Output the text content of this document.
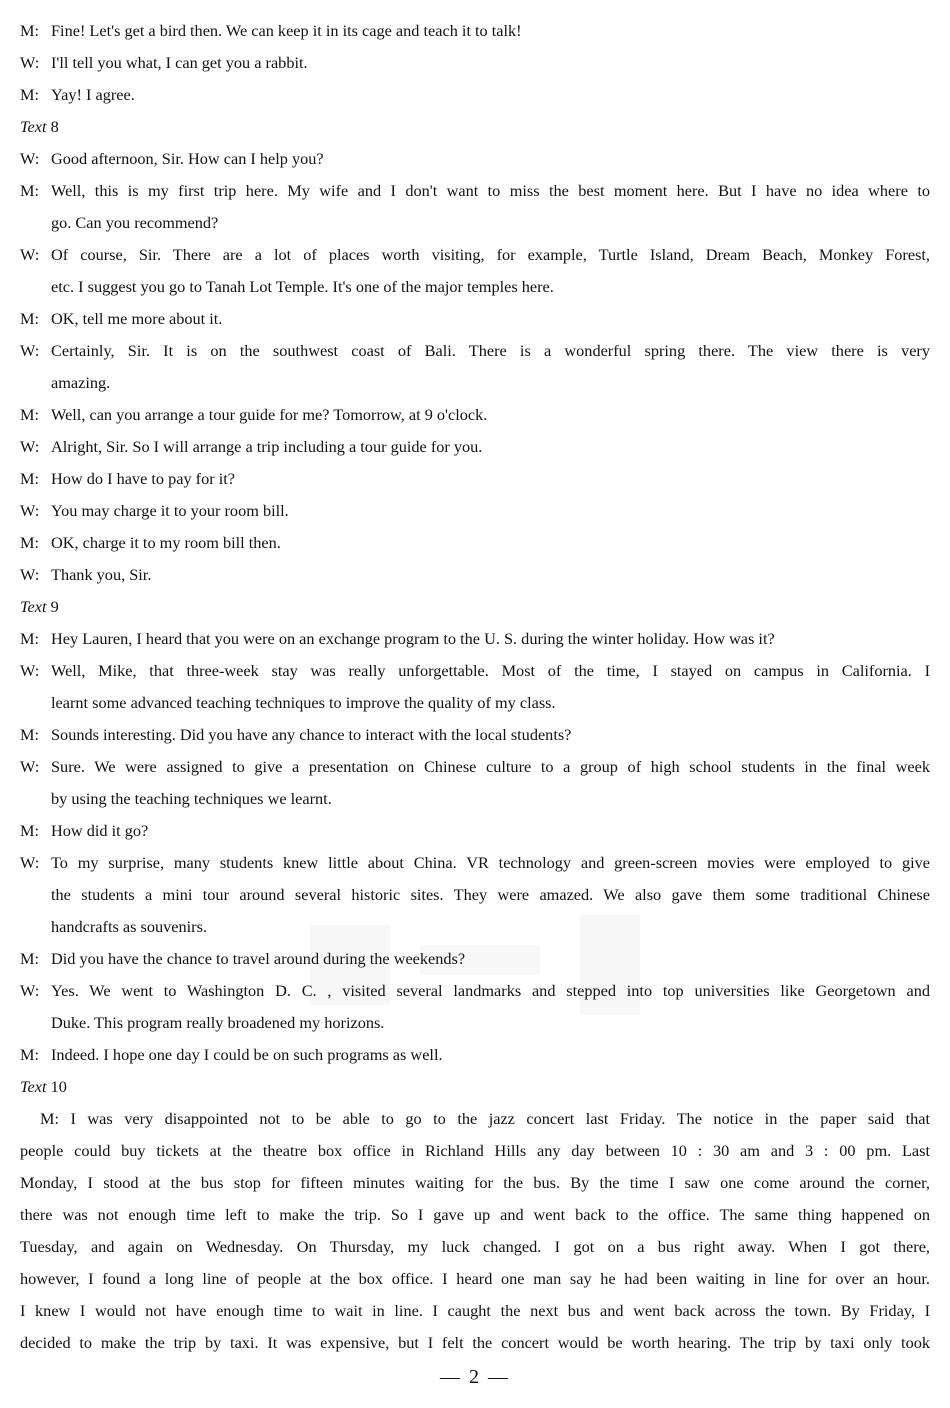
M: Fine! Let's get a bird then. We can keep it in its cage and teach it to talk!
W: I'll tell you what, I can get you a rabbit.
M: Yay! I agree.
Text 8
W: Good afternoon, Sir. How can I help you?
M: Well, this is my first trip here. My wife and I don't want to miss the best moment here. But I have no idea where to
go. Can you recommend?
W: Of course, Sir. There are a lot of places worth visiting, for example, Turtle Island, Dream Beach, Monkey Forest,
etc. I suggest you go to Tanah Lot Temple. It's one of the major temples here.
M: OK, tell me more about it.
W: Certainly, Sir. It is on the southwest coast of Bali. There is a wonderful spring there. The view there is very
amazing.
M: Well, can you arrange a tour guide for me? Tomorrow, at 9 o'clock.
W: Alright, Sir. So I will arrange a trip including a tour guide for you.
M: How do I have to pay for it?
W: You may charge it to your room bill.
M: OK, charge it to my room bill then.
W: Thank you, Sir.
Text 9
M: Hey Lauren, I heard that you were on an exchange program to the U. S. during the winter holiday. How was it?
W: Well, Mike, that three-week stay was really unforgettable. Most of the time, I stayed on campus in California. I
learnt some advanced teaching techniques to improve the quality of my class.
M: Sounds interesting. Did you have any chance to interact with the local students?
W: Sure. We were assigned to give a presentation on Chinese culture to a group of high school students in the final week
by using the teaching techniques we learnt.
M: How did it go?
W: To my surprise, many students knew little about China. VR technology and green-screen movies were employed to give
the students a mini tour around several historic sites. They were amazed. We also gave them some traditional Chinese
handcrafts as souvenirs.
M: Did you have the chance to travel around during the weekends?
W: Yes. We went to Washington D. C. , visited several landmarks and stepped into top universities like Georgetown and
Duke. This program really broadened my horizons.
M: Indeed. I hope one day I could be on such programs as well.
Text 10
M: I was very disappointed not to be able to go to the jazz concert last Friday. The notice in the paper said that
people could buy tickets at the theatre box office in Richland Hills any day between 10 : 30 am and 3 : 00 pm. Last
Monday, I stood at the bus stop for fifteen minutes waiting for the bus. By the time I saw one come around the corner,
there was not enough time left to make the trip. So I gave up and went back to the office. The same thing happened on
Tuesday, and again on Wednesday. On Thursday, my luck changed. I got on a bus right away. When I got there,
however, I found a long line of people at the box office. I heard one man say he had been waiting in line for over an hour.
I knew I would not have enough time to wait in line. I caught the next bus and went back across the town. By Friday, I
decided to make the trip by taxi. It was expensive, but I felt the concert would be worth hearing. The trip by taxi only took
— 2 —
